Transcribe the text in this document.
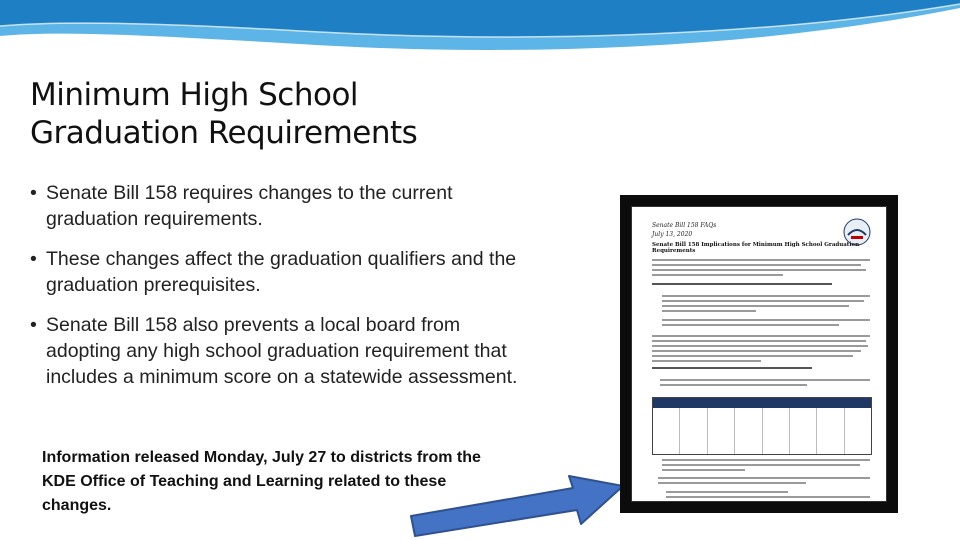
Minimum High School
Graduation Requirements
• Senate Bill 158 requires changes to the current graduation requirements.
• These changes affect the graduation qualifiers and the graduation prerequisites.
• Senate Bill 158 also prevents a local board from adopting any high school graduation requirement that includes a minimum score on a statewide assessment.
Information released Monday, July 27 to districts from the KDE Office of Teaching and Learning related to these changes.
Senate Bill 158 FAQs
July 13, 2020
Senate Bill 158 Implications for Minimum High School Graduation Requirements
